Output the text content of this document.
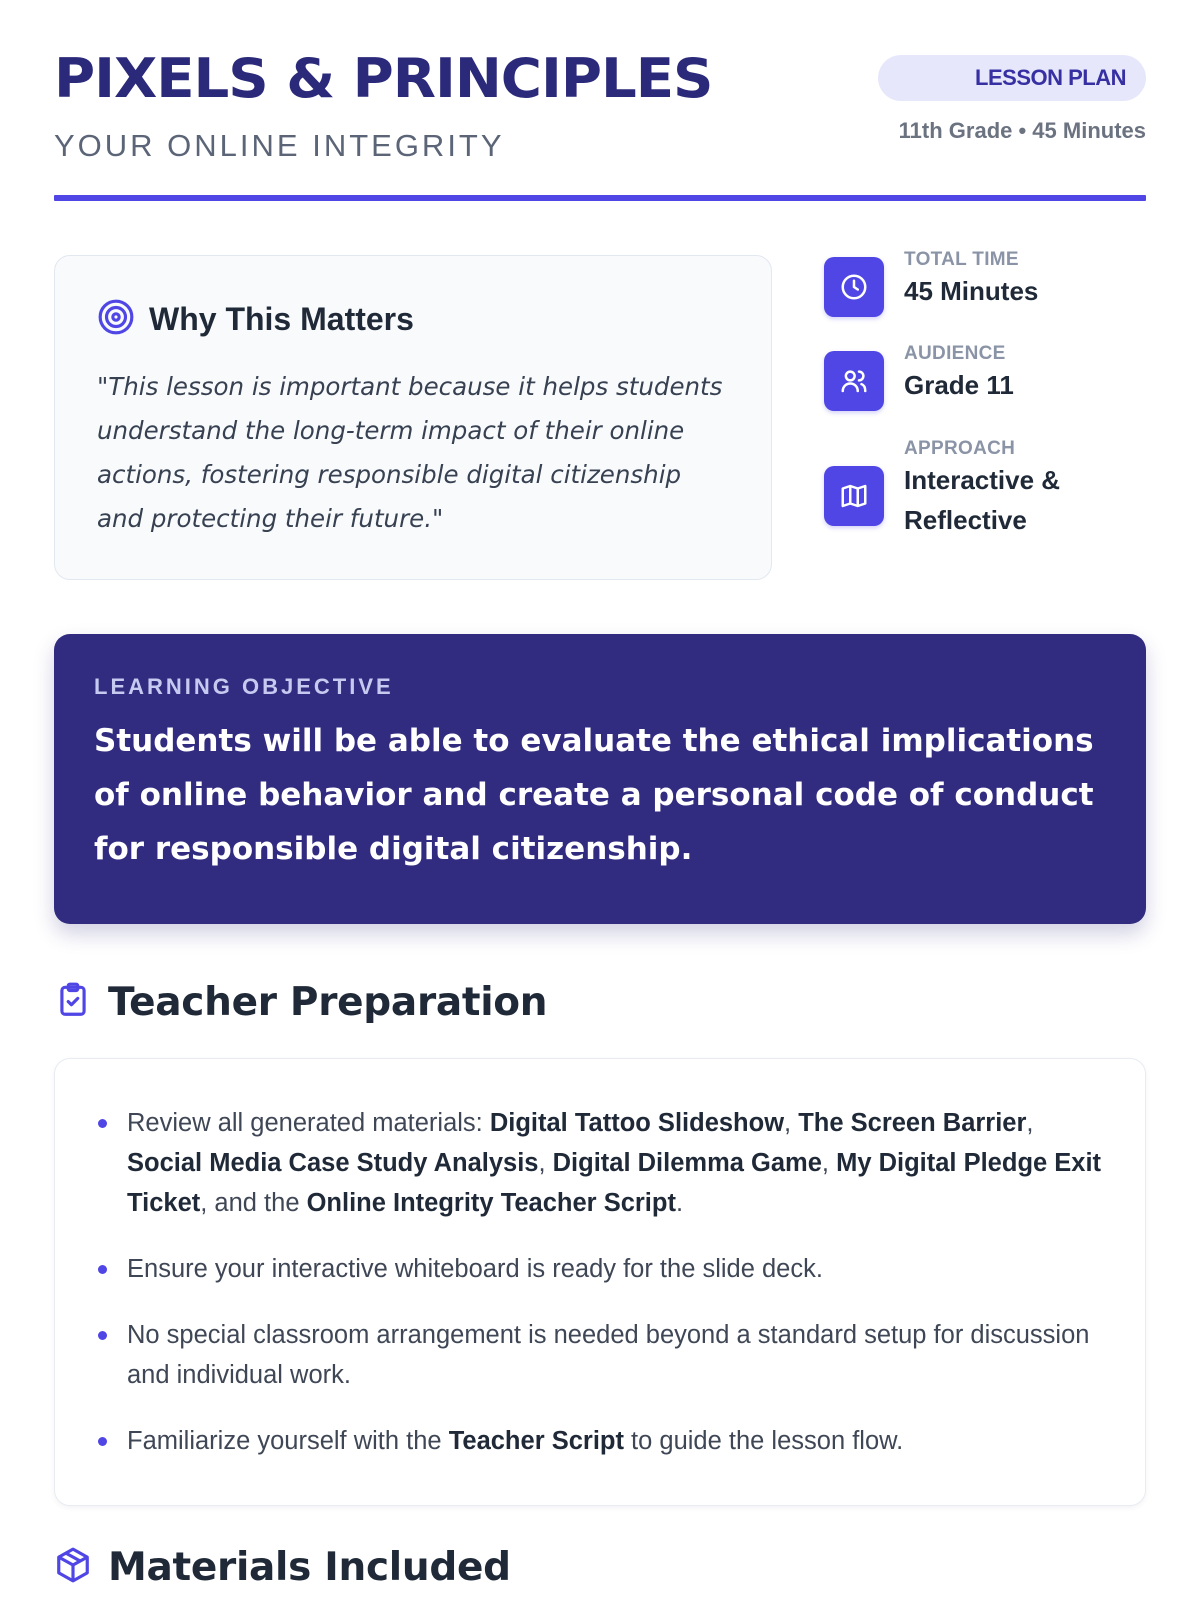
PIXELS & PRINCIPLES
YOUR ONLINE INTEGRITY
LESSON PLAN
11th Grade • 45 Minutes
Why This Matters
"This lesson is important because it helps students understand the long-term impact of their online actions, fostering responsible digital citizenship and protecting their future."
TOTAL TIME
45 Minutes
AUDIENCE
Grade 11
APPROACH
Interactive & Reflective
LEARNING OBJECTIVE
Students will be able to evaluate the ethical implications of online behavior and create a personal code of conduct for responsible digital citizenship.
Teacher Preparation
Review all generated materials: Digital Tattoo Slideshow, The Screen Barrier, Social Media Case Study Analysis, Digital Dilemma Game, My Digital Pledge Exit Ticket, and the Online Integrity Teacher Script.
Ensure your interactive whiteboard is ready for the slide deck.
No special classroom arrangement is needed beyond a standard setup for discussion and individual work.
Familiarize yourself with the Teacher Script to guide the lesson flow.
Materials Included
